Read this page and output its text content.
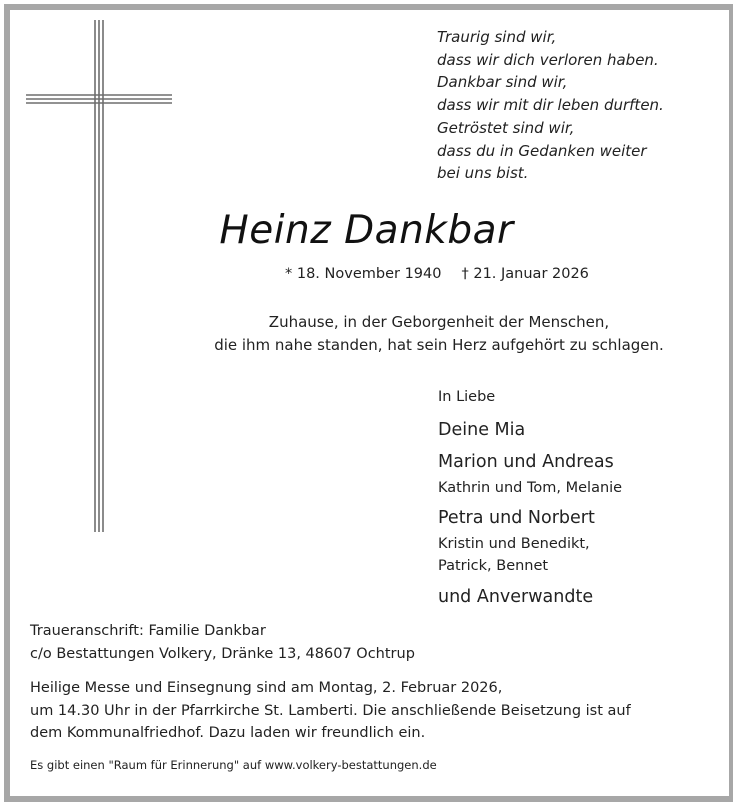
Traurig sind wir,
dass wir dich verloren haben.
Dankbar sind wir,
dass wir mit dir leben durften.
Getröstet sind wir,
dass du in Gedanken weiter
bei uns bist.
Heinz Dankbar
* 18. November 1940 † 21. Januar 2026
Zuhause, in der Geborgenheit der Menschen,
die ihm nahe standen, hat sein Herz aufgehört zu schlagen.
In Liebe
Deine Mia
Marion und Andreas
Kathrin und Tom, Melanie
Petra und Norbert
Kristin und Benedikt,
Patrick, Bennet
und Anverwandte
Traueranschrift: Familie Dankbar
c/o Bestattungen Volkery, Dränke 13, 48607 Ochtrup
Heilige Messe und Einsegnung sind am Montag, 2. Februar 2026,
um 14.30 Uhr in der Pfarrkirche St. Lamberti. Die anschließende Beisetzung ist auf
dem Kommunalfriedhof. Dazu laden wir freundlich ein.
Es gibt einen "Raum für Erinnerung" auf www.volkery-bestattungen.de
